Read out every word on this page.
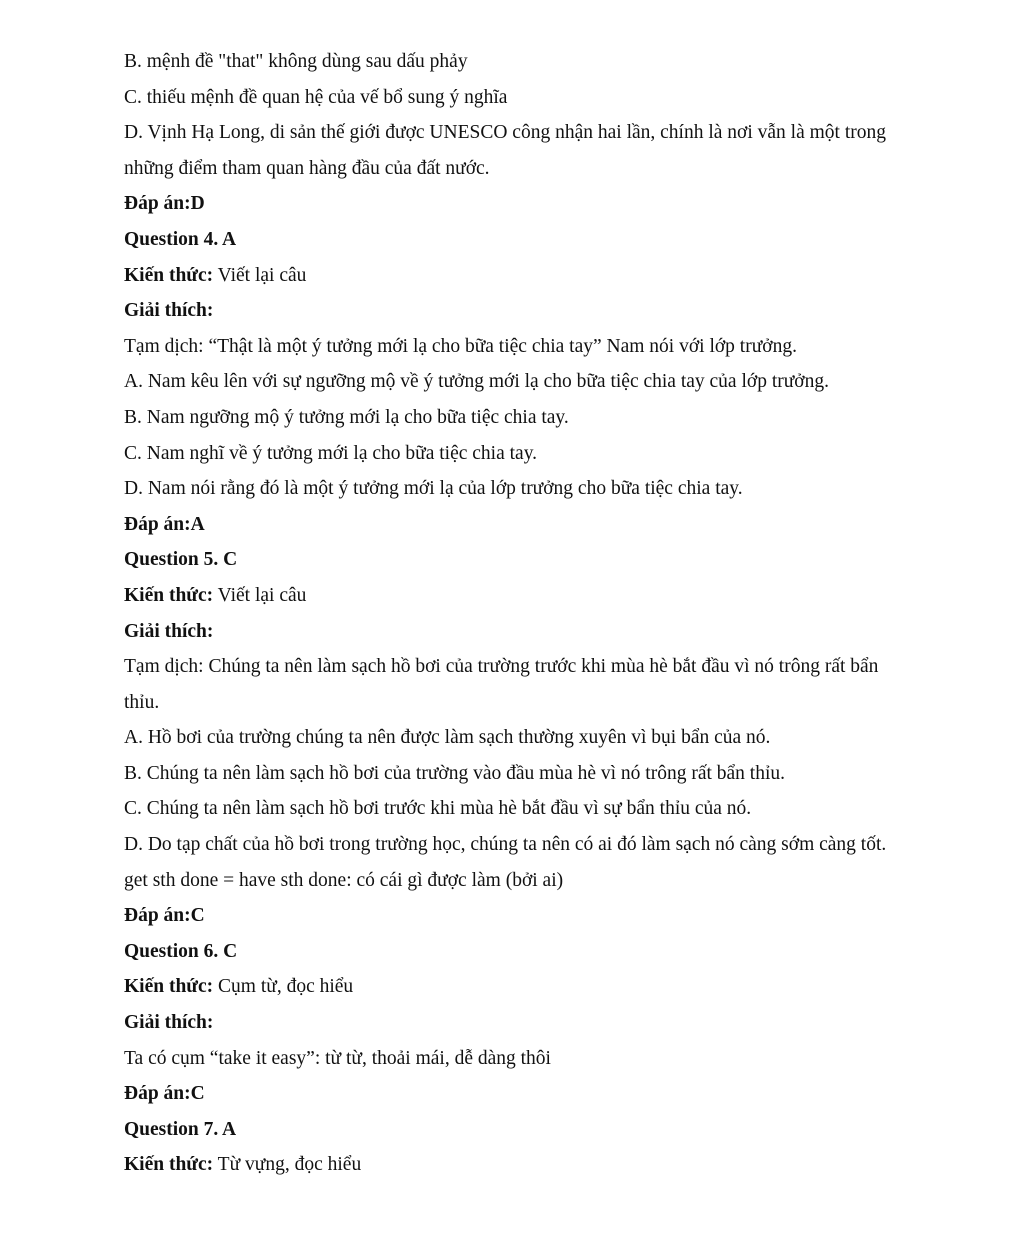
B. mệnh đề "that" không dùng sau dấu phảy

C. thiếu mệnh đề quan hệ của vế bổ sung ý nghĩa

D. Vịnh Hạ Long, di sản thế giới được UNESCO công nhận hai lần, chính là nơi vẫn là một trong những điểm tham quan hàng đầu của đất nước.

Đáp án:D

Question 4. A

Kiến thức: Viết lại câu

Giải thích:

Tạm dịch: “Thật là một ý tưởng mới lạ cho bữa tiệc chia tay” Nam nói với lớp trưởng.

A. Nam kêu lên với sự ngưỡng mộ về ý tưởng mới lạ cho bữa tiệc chia tay của lớp trưởng.

B. Nam ngưỡng mộ ý tưởng mới lạ cho bữa tiệc chia tay.

C. Nam nghĩ về ý tưởng mới lạ cho bữa tiệc chia tay.

D. Nam nói rằng đó là một ý tưởng mới lạ của lớp trưởng cho bữa tiệc chia tay.

Đáp án:A

Question 5. C

Kiến thức: Viết lại câu

Giải thích:

Tạm dịch: Chúng ta nên làm sạch hồ bơi của trường trước khi mùa hè bắt đầu vì nó trông rất bẩn thỉu.

A. Hồ bơi của trường chúng ta nên được làm sạch thường xuyên vì bụi bẩn của nó.

B. Chúng ta nên làm sạch hồ bơi của trường vào đầu mùa hè vì nó trông rất bẩn thỉu.

C. Chúng ta nên làm sạch hồ bơi trước khi mùa hè bắt đầu vì sự bẩn thỉu của nó.

D. Do tạp chất của hồ bơi trong trường học, chúng ta nên có ai đó làm sạch nó càng sớm càng tốt.

get sth done = have sth done: có cái gì được làm (bởi ai)

Đáp án:C

Question 6. C

Kiến thức: Cụm từ, đọc hiểu

Giải thích:

Ta có cụm “take it easy”: từ từ, thoải mái, dễ dàng thôi

Đáp án:C

Question 7. A

Kiến thức: Từ vựng, đọc hiểu
